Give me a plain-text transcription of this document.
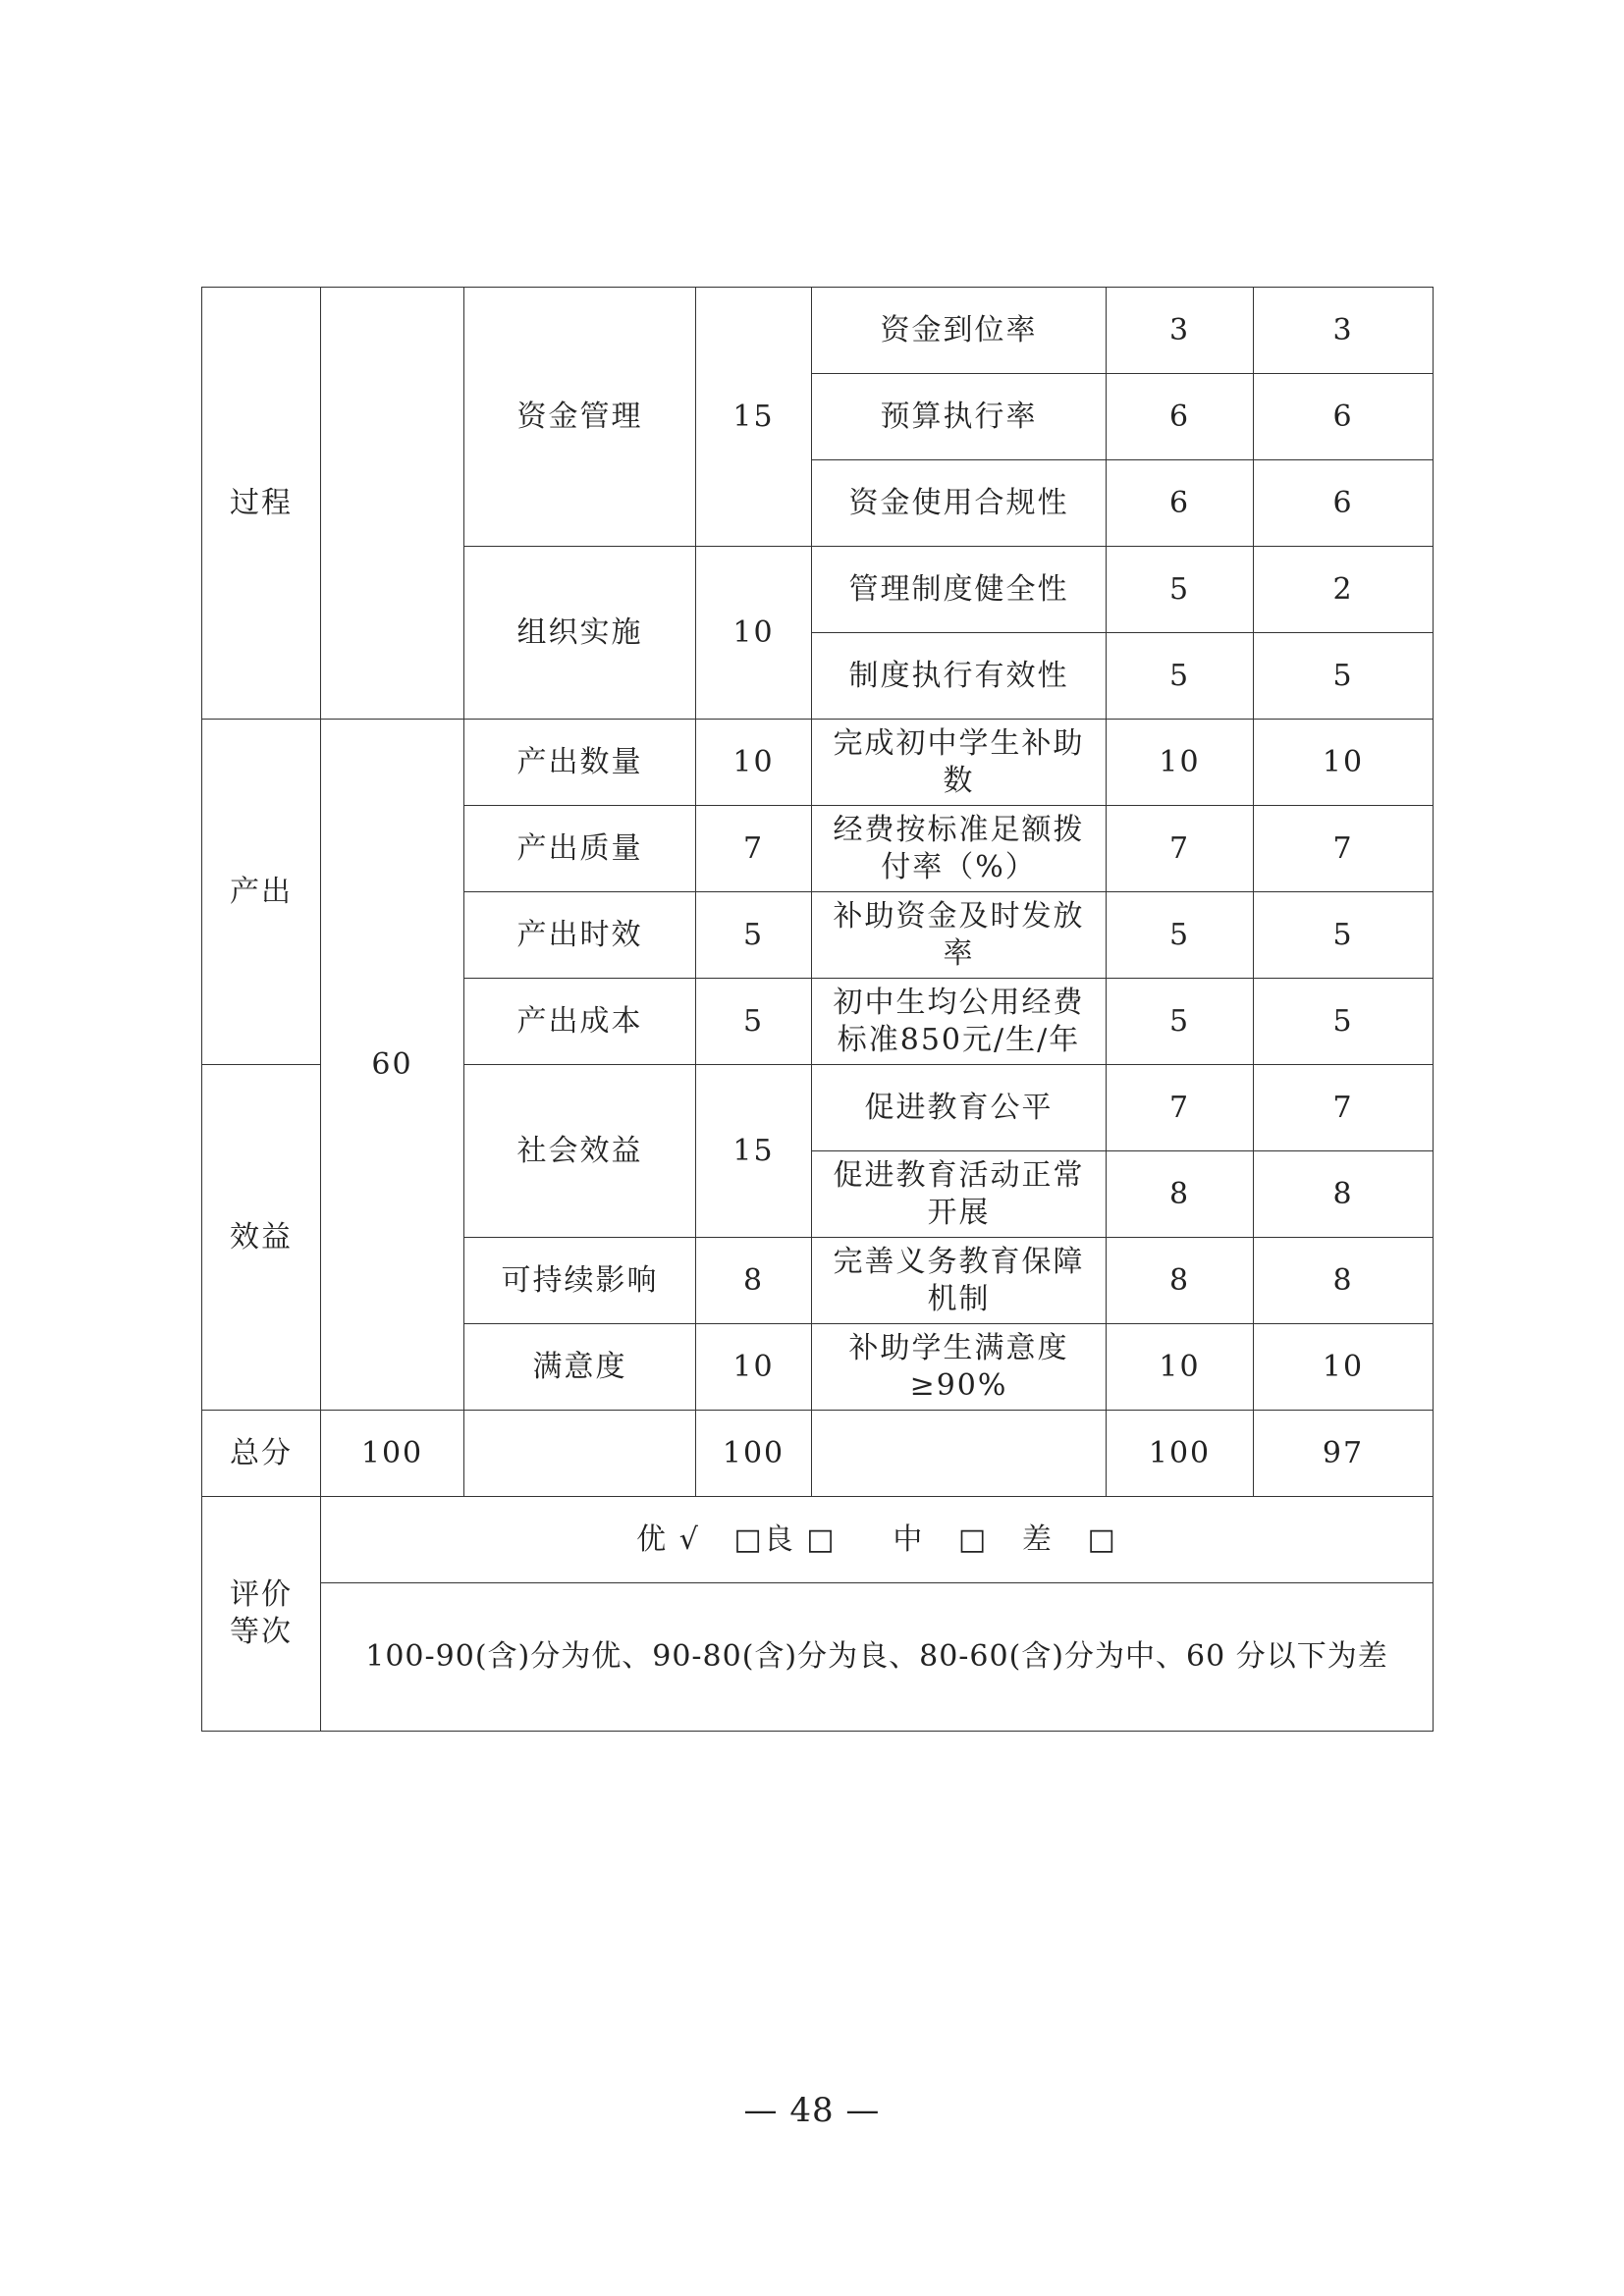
过程		资金管理	15	资金到位率	3	3
				预算执行率	6	6
				资金使用合规性	6	6
		组织实施	10	管理制度健全性	5	2
				制度执行有效性	5	5
产出	60	产出数量	10	完成初中学生补助数	10	10
		产出质量	7	经费按标准足额拨付率（%）	7	7
		产出时效	5	补助资金及时发放率	5	5
		产出成本	5	初中生均公用经费标准850元/生/年	5	5
效益		社会效益	15	促进教育公平	7	7
				促进教育活动正常开展	8	8
		可持续影响	8	完善义务教育保障机制	8	8
		满意度	10	补助学生满意度≥90%	10	10
总分	100		100		100	97
评价等次	优 √   □良 □     中   □   差   □					
	100-90(含)分为优、90-80(含)分为良、80-60(含)分为中、60 分以下为差					
— 48 —
